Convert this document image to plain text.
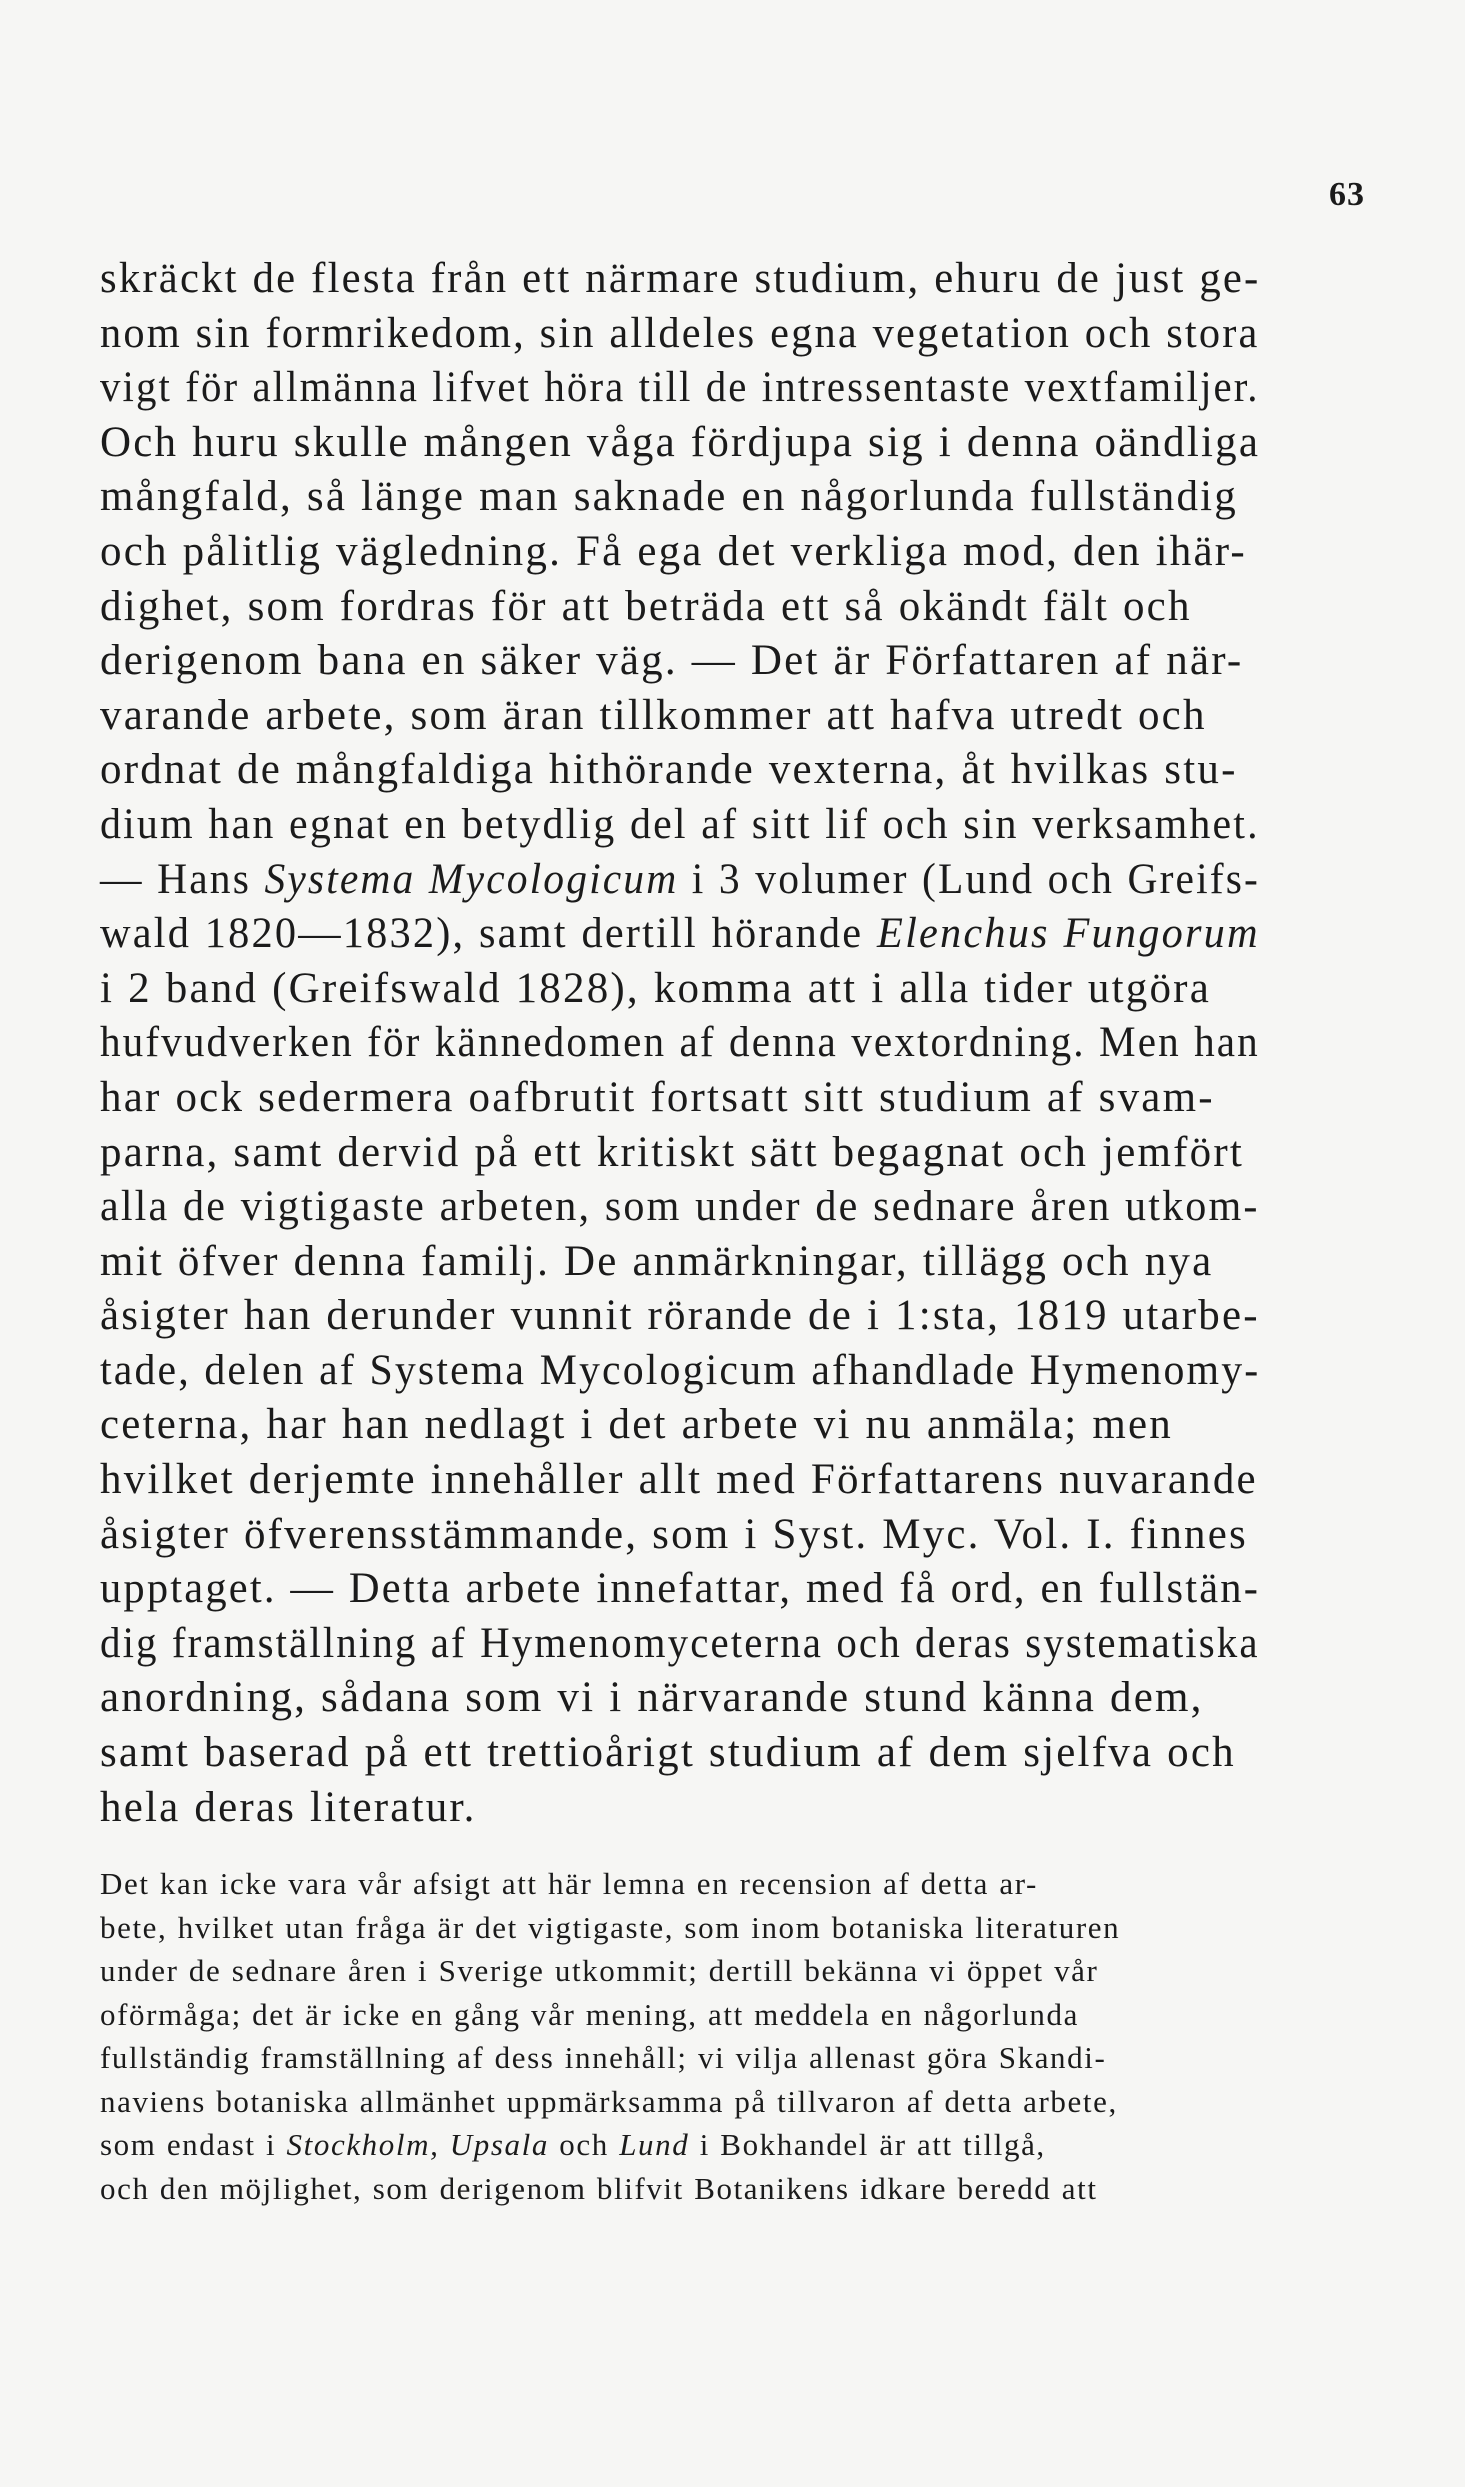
63
skräckt de flesta från ett närmare studium, ehuru de just ge-
nom sin formrikedom, sin alldeles egna vegetation och stora
vigt för allmänna lifvet höra till de intressentaste vextfamiljer.
Och huru skulle mången våga fördjupa sig i denna oändliga
mångfald, så länge man saknade en någorlunda fullständig
och pålitlig vägledning. Få ega det verkliga mod, den ihär-
dighet, som fordras för att beträda ett så okändt fält och
derigenom bana en säker väg. — Det är Författaren af när-
varande arbete, som äran tillkommer att hafva utredt och
ordnat de mångfaldiga hithörande vexterna, åt hvilkas stu-
dium han egnat en betydlig del af sitt lif och sin verksamhet.
— Hans Systema Mycologicum i 3 volumer (Lund och Greifs-
wald 1820—1832), samt dertill hörande Elenchus Fungorum
i 2 band (Greifswald 1828), komma att i alla tider utgöra
hufvudverken för kännedomen af denna vextordning. Men han
har ock sedermera oafbrutit fortsatt sitt studium af svam-
parna, samt dervid på ett kritiskt sätt begagnat och jemfört
alla de vigtigaste arbeten, som under de sednare åren utkom-
mit öfver denna familj. De anmärkningar, tillägg och nya
åsigter han derunder vunnit rörande de i 1:sta, 1819 utarbe-
tade, delen af Systema Mycologicum afhandlade Hymenomy-
ceterna, har han nedlagt i det arbete vi nu anmäla; men
hvilket derjemte innehåller allt med Författarens nuvarande
åsigter öfverensstämmande, som i Syst. Myc. Vol. I. finnes
upptaget. — Detta arbete innefattar, med få ord, en fullstän-
dig framställning af Hymenomyceterna och deras systematiska
anordning, sådana som vi i närvarande stund känna dem,
samt baserad på ett trettioårigt studium af dem sjelfva och
hela deras literatur.
Det kan icke vara vår afsigt att här lemna en recension af detta ar-
bete, hvilket utan fråga är det vigtigaste, som inom botaniska literaturen
under de sednare åren i Sverige utkommit; dertill bekänna vi öppet vår
oförmåga; det är icke en gång vår mening, att meddela en någorlunda
fullständig framställning af dess innehåll; vi vilja allenast göra Skandi-
naviens botaniska allmänhet uppmärksamma på tillvaron af detta arbete,
som endast i Stockholm, Upsala och Lund i Bokhandel är att tillgå,
och den möjlighet, som derigenom blifvit Botanikens idkare beredd att
